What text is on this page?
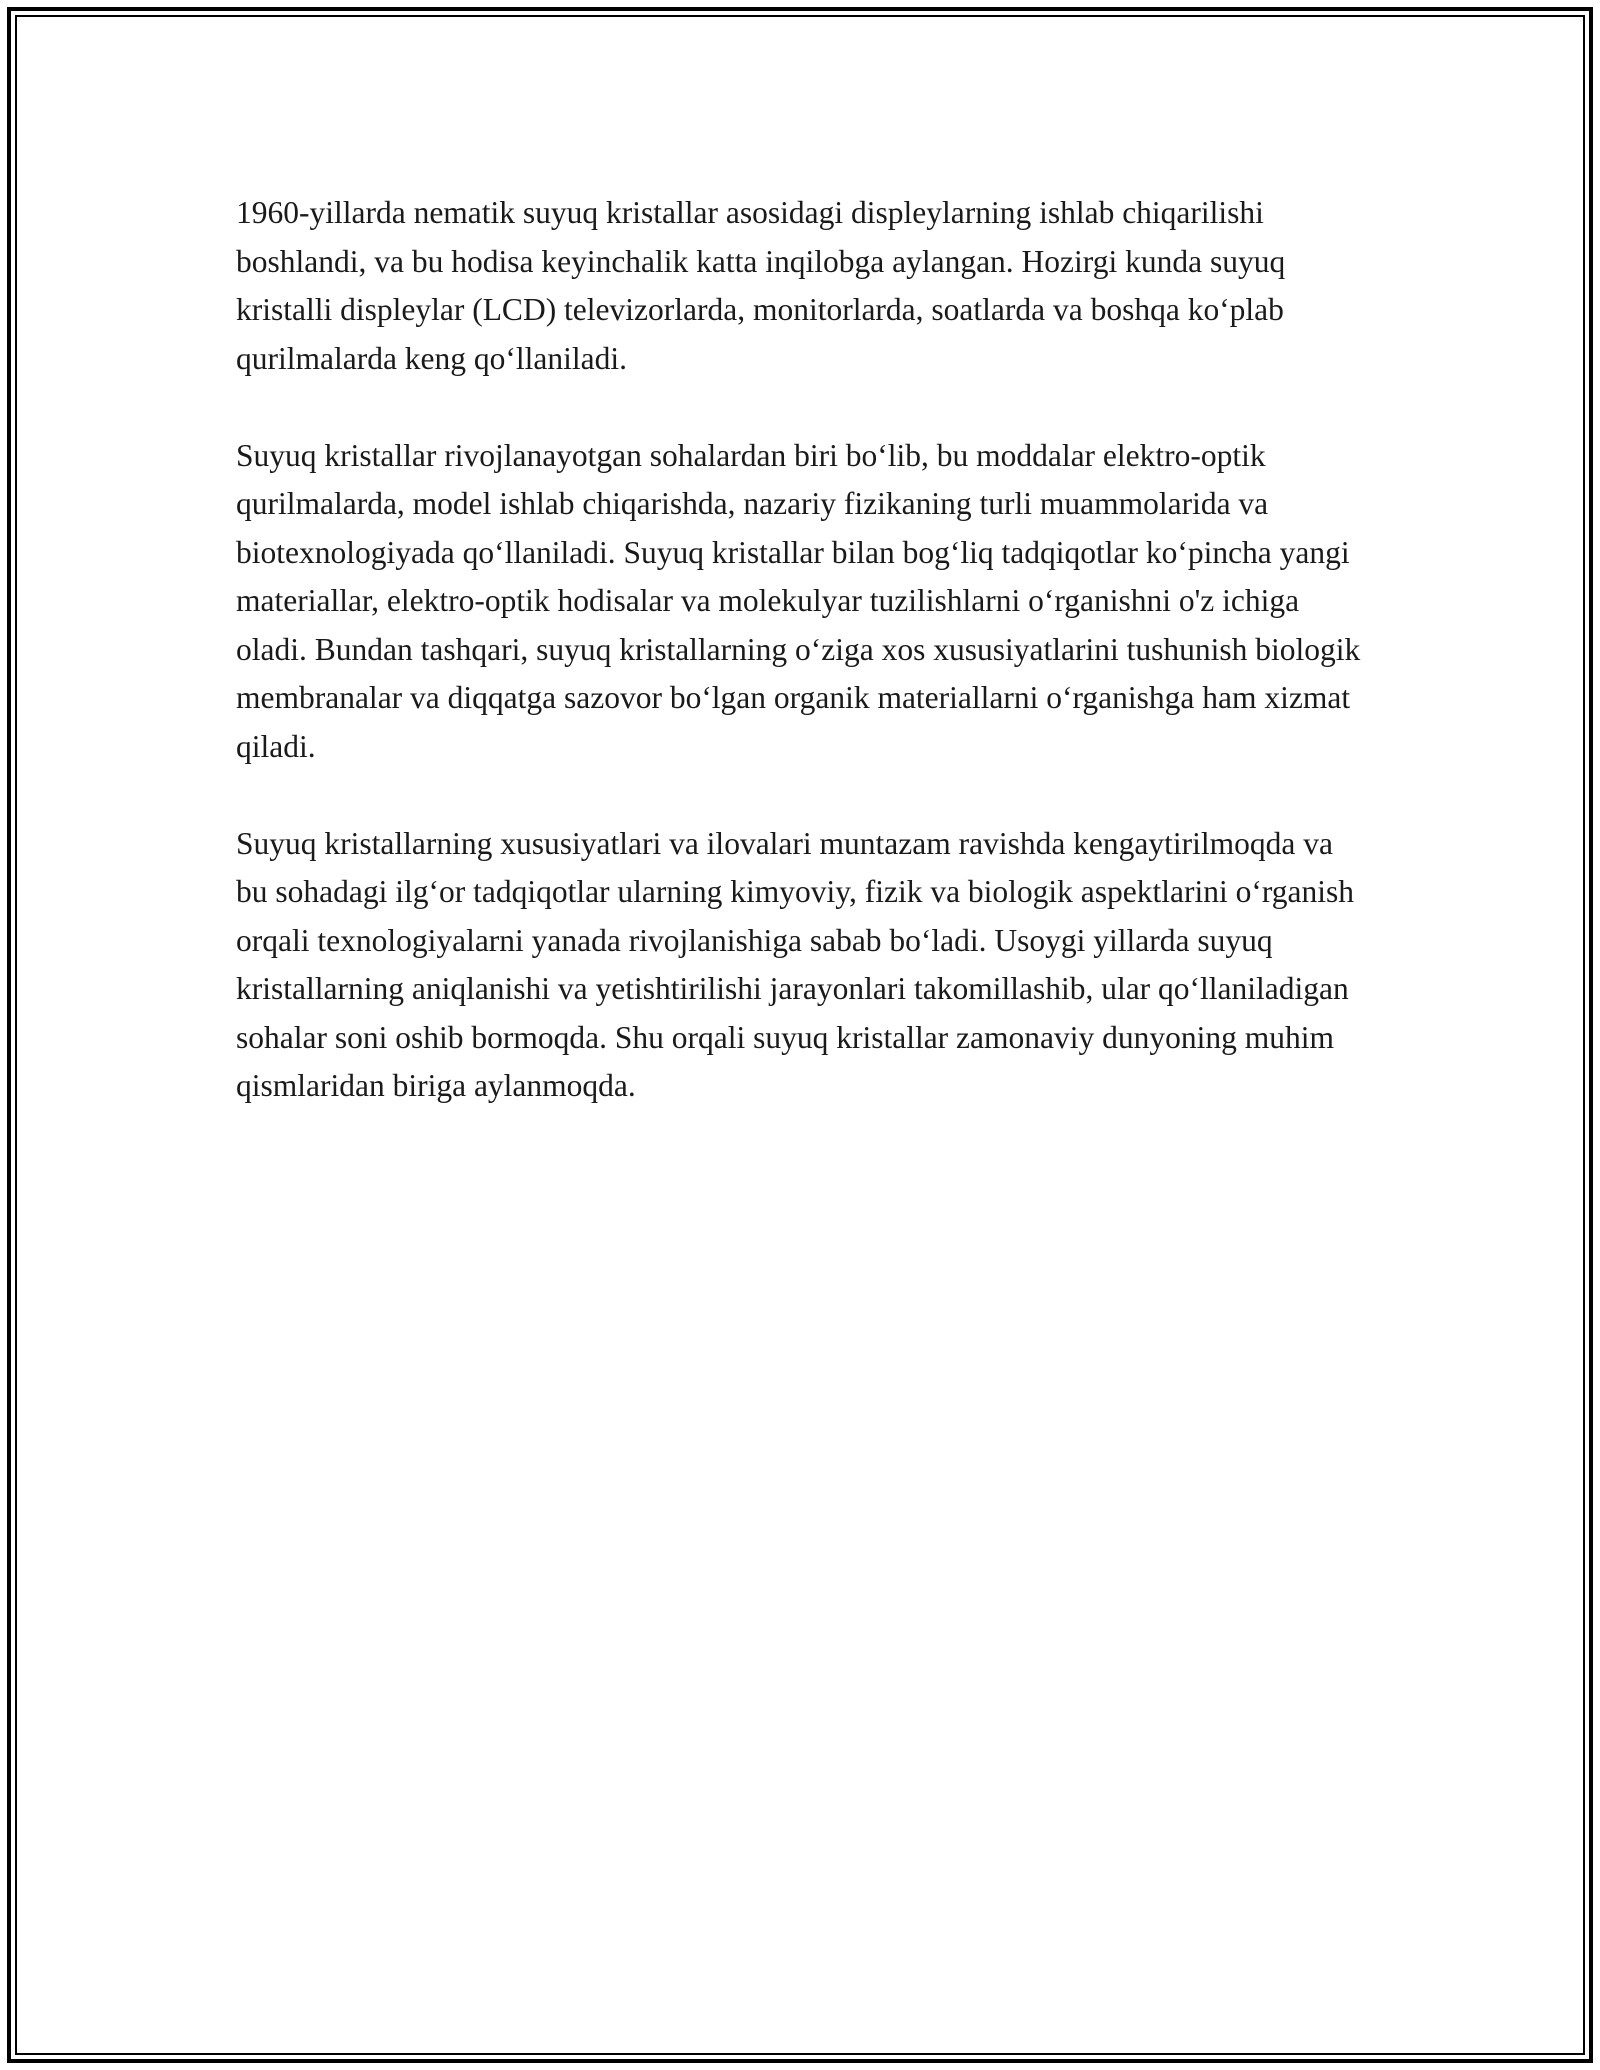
1960-yillarda nematik suyuq kristallar asosidagi displeylarning ishlab chiqarilishi boshlandi, va bu hodisa keyinchalik katta inqilobga aylangan. Hozirgi kunda suyuq kristalli displeylar (LCD) televizorlarda, monitorlarda, soatlarda va boshqa ko‘plab qurilmalarda keng qo‘llaniladi.

Suyuq kristallar rivojlanayotgan sohalardan biri bo‘lib, bu moddalar elektro-optik qurilmalarda, model ishlab chiqarishda, nazariy fizikaning turli muammolarida va biotexnologiyada qo‘llaniladi. Suyuq kristallar bilan bog‘liq tadqiqotlar ko‘pincha yangi materiallar, elektro-optik hodisalar va molekulyar tuzilishlarni o‘rganishni o'z ichiga oladi. Bundan tashqari, suyuq kristallarning o‘ziga xos xususiyatlarini tushunish biologik membranalar va diqqatga sazovor bo‘lgan organik materiallarni o‘rganishga ham xizmat qiladi.

Suyuq kristallarning xususiyatlari va ilovalari muntazam ravishda kengaytirilmoqda va bu sohadagi ilg‘or tadqiqotlar ularning kimyoviy, fizik va biologik aspektlarini o‘rganish orqali texnologiyalarni yanada rivojlanishiga sabab bo‘ladi. Usoygi yillarda suyuq kristallarning aniqlanishi va yetishtirilishi jarayonlari takomillashib, ular qo‘llaniladigan sohalar soni oshib bormoqda. Shu orqali suyuq kristallar zamonaviy dunyoning muhim qismlaridan biriga aylanmoqda.
